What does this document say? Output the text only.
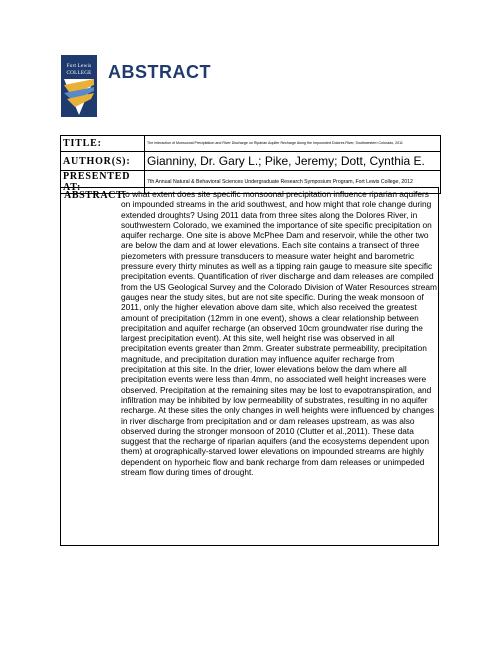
Fort Lewis
COLLEGE ABSTRACT
TITLE:	The Interaction of Monsoonal Precipitation and River Discharge on Riparian Aquifer Recharge Along the Impounded Dolores River, Southwestern Colorado, 2011
AUTHOR(S):	Gianniny, Dr. Gary L.; Pike, Jeremy; Dott, Cynthia E.
PRESENTED AT:	7th Annual Natural & Behavioral Sciences Undergraduate Research Symposium Program, Fort Lewis College, 2012
ABSTRACT:
To what extent does site specific monsoonal precipitation influence riparian aquifers on impounded streams in the arid southwest, and how might that role change during extended droughts? Using 2011 data from three sites along the Dolores River, in southwestern Colorado, we examined the importance of site specific precipitation on aquifer recharge. One site is above McPhee Dam and reservoir, while the other two are below the dam and at lower elevations. Each site contains a transect of three piezometers with pressure transducers to measure water height and barometric pressure every thirty minutes as well as a tipping rain gauge to measure site specific precipitation events. Quantification of river discharge and dam releases are compiled from the US Geological Survey and the Colorado Division of Water Resources stream gauges near the study sites, but are not site specific. During the weak monsoon of 2011, only the higher elevation above dam site, which also received the greatest amount of precipitation (12mm in one event), shows a clear relationship between precipitation and aquifer recharge (an observed 10cm groundwater rise during the largest precipitation event). At this site, well height rise was observed in all precipitation events greater than 2mm. Greater substrate permeability, precipitation magnitude, and precipitation duration may influence aquifer recharge from precipitation at this site. In the drier, lower elevations below the dam where all precipitation events were less than 4mm, no associated well height increases were observed. Precipitation at the remaining sites may be lost to evapotranspiration, and infiltration may be inhibited by low permeability of substrates, resulting in no aquifer recharge. At these sites the only changes in well heights were influenced by changes in river discharge from precipitation and or dam releases upstream, as was also observed during the stronger monsoon of 2010 (Clutter et al.,2011). These data suggest that the recharge of riparian aquifers (and the ecosystems dependent upon them) at orographically-starved lower elevations on impounded streams are highly dependent on hyporheic flow and bank recharge from dam releases or unimpeded stream flow during times of drought.
